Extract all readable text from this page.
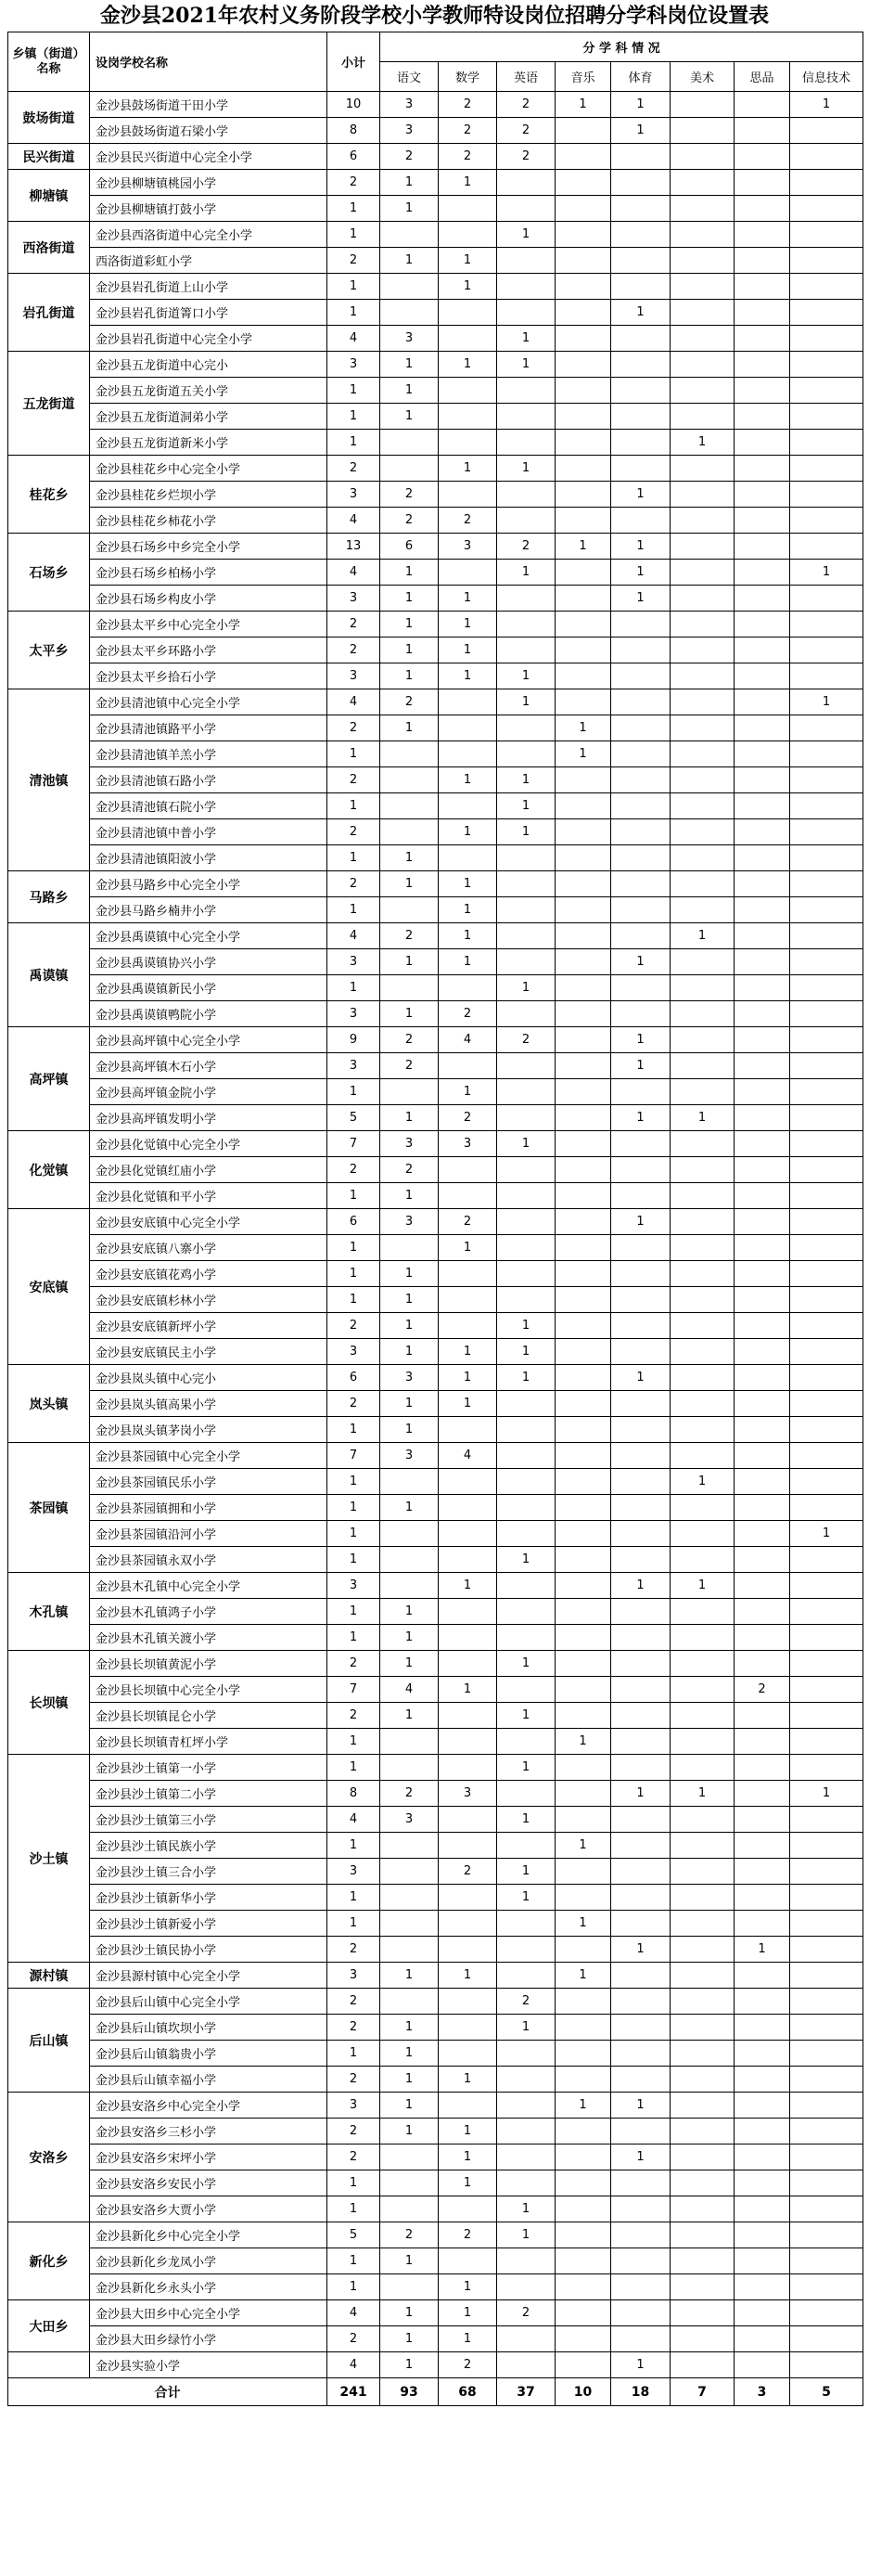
金沙县2021年农村义务阶段学校小学教师特设岗位招聘分学科岗位设置表
乡镇（街道）名称	设岗学校名称	小计	分 学 科 情 况							
			语文	数学	英语	音乐	体育	美术	思品	信息技术
鼓场街道	金沙县鼓场街道干田小学	10	3	2	2	1	1			1
	金沙县鼓场街道石梁小学	8	3	2	2		1			
民兴街道	金沙县民兴街道中心完全小学	6	2	2	2					
柳塘镇	金沙县柳塘镇桃园小学	2	1	1						
	金沙县柳塘镇打鼓小学	1	1							
西洛街道	金沙县西洛街道中心完全小学	1			1					
	西洛街道彩虹小学	2	1	1						
岩孔街道	金沙县岩孔街道上山小学	1		1						
	金沙县岩孔街道箐口小学	1					1			
	金沙县岩孔街道中心完全小学	4	3		1					
五龙街道	金沙县五龙街道中心完小	3	1	1	1					
	金沙县五龙街道五关小学	1	1							
	金沙县五龙街道洞弟小学	1	1							
	金沙县五龙街道新米小学	1						1		
桂花乡	金沙县桂花乡中心完全小学	2		1	1					
	金沙县桂花乡烂坝小学	3	2				1			
	金沙县桂花乡柿花小学	4	2	2						
石场乡	金沙县石场乡中乡完全小学	13	6	3	2	1	1			
	金沙县石场乡柏杨小学	4	1		1		1			1
	金沙县石场乡构皮小学	3	1	1			1			
太平乡	金沙县太平乡中心完全小学	2	1	1						
	金沙县太平乡环路小学	2	1	1						
	金沙县太平乡拾石小学	3	1	1	1					
清池镇	金沙县清池镇中心完全小学	4	2		1					1
	金沙县清池镇路平小学	2	1			1				
	金沙县清池镇羊羔小学	1				1				
	金沙县清池镇石路小学	2		1	1					
	金沙县清池镇石院小学	1			1					
	金沙县清池镇中普小学	2		1	1					
	金沙县清池镇阳波小学	1	1							
马路乡	金沙县马路乡中心完全小学	2	1	1						
	金沙县马路乡楠井小学	1		1						
禹谟镇	金沙县禹谟镇中心完全小学	4	2	1				1		
	金沙县禹谟镇协兴小学	3	1	1			1			
	金沙县禹谟镇新民小学	1			1					
	金沙县禹谟镇鸭院小学	3	1	2						
高坪镇	金沙县高坪镇中心完全小学	9	2	4	2		1			
	金沙县高坪镇木石小学	3	2				1			
	金沙县高坪镇金院小学	1		1						
	金沙县高坪镇发明小学	5	1	2			1	1		
化觉镇	金沙县化觉镇中心完全小学	7	3	3	1					
	金沙县化觉镇红庙小学	2	2							
	金沙县化觉镇和平小学	1	1							
安底镇	金沙县安底镇中心完全小学	6	3	2			1			
	金沙县安底镇八寨小学	1		1						
	金沙县安底镇花鸡小学	1	1							
	金沙县安底镇杉林小学	1	1							
	金沙县安底镇新坪小学	2	1		1					
	金沙县安底镇民主小学	3	1	1	1					
岚头镇	金沙县岚头镇中心完小	6	3	1	1		1			
	金沙县岚头镇高果小学	2	1	1						
	金沙县岚头镇茅岗小学	1	1							
茶园镇	金沙县茶园镇中心完全小学	7	3	4						
	金沙县茶园镇民乐小学	1						1		
	金沙县茶园镇拥和小学	1	1							
	金沙县茶园镇沿河小学	1								1
	金沙县茶园镇永双小学	1			1					
木孔镇	金沙县木孔镇中心完全小学	3		1			1	1		
	金沙县木孔镇鸿子小学	1	1							
	金沙县木孔镇关渡小学	1	1							
长坝镇	金沙县长坝镇黄泥小学	2	1		1					
	金沙县长坝镇中心完全小学	7	4	1					2	
	金沙县长坝镇昆仑小学	2	1		1					
	金沙县长坝镇青杠坪小学	1				1				
沙土镇	金沙县沙土镇第一小学	1			1					
	金沙县沙土镇第二小学	8	2	3			1	1		1
	金沙县沙土镇第三小学	4	3		1					
	金沙县沙土镇民族小学	1				1				
	金沙县沙土镇三合小学	3		2	1					
	金沙县沙土镇新华小学	1			1					
	金沙县沙土镇新爱小学	1				1				
	金沙县沙土镇民协小学	2					1		1	
源村镇	金沙县源村镇中心完全小学	3	1	1		1				
后山镇	金沙县后山镇中心完全小学	2			2					
	金沙县后山镇坎坝小学	2	1		1					
	金沙县后山镇翁贵小学	1	1							
	金沙县后山镇幸福小学	2	1	1						
安洛乡	金沙县安洛乡中心完全小学	3	1			1	1			
	金沙县安洛乡三杉小学	2	1	1						
	金沙县安洛乡宋坪小学	2		1			1			
	金沙县安洛乡安民小学	1		1						
	金沙县安洛乡大贾小学	1			1					
新化乡	金沙县新化乡中心完全小学	5	2	2	1					
	金沙县新化乡龙凤小学	1	1							
	金沙县新化乡永头小学	1		1						
大田乡	金沙县大田乡中心完全小学	4	1	1	2					
	金沙县大田乡绿竹小学	2	1	1						
	金沙县实验小学	4	1	2			1			
合计		241	93	68	37	10	18	7	3	5
